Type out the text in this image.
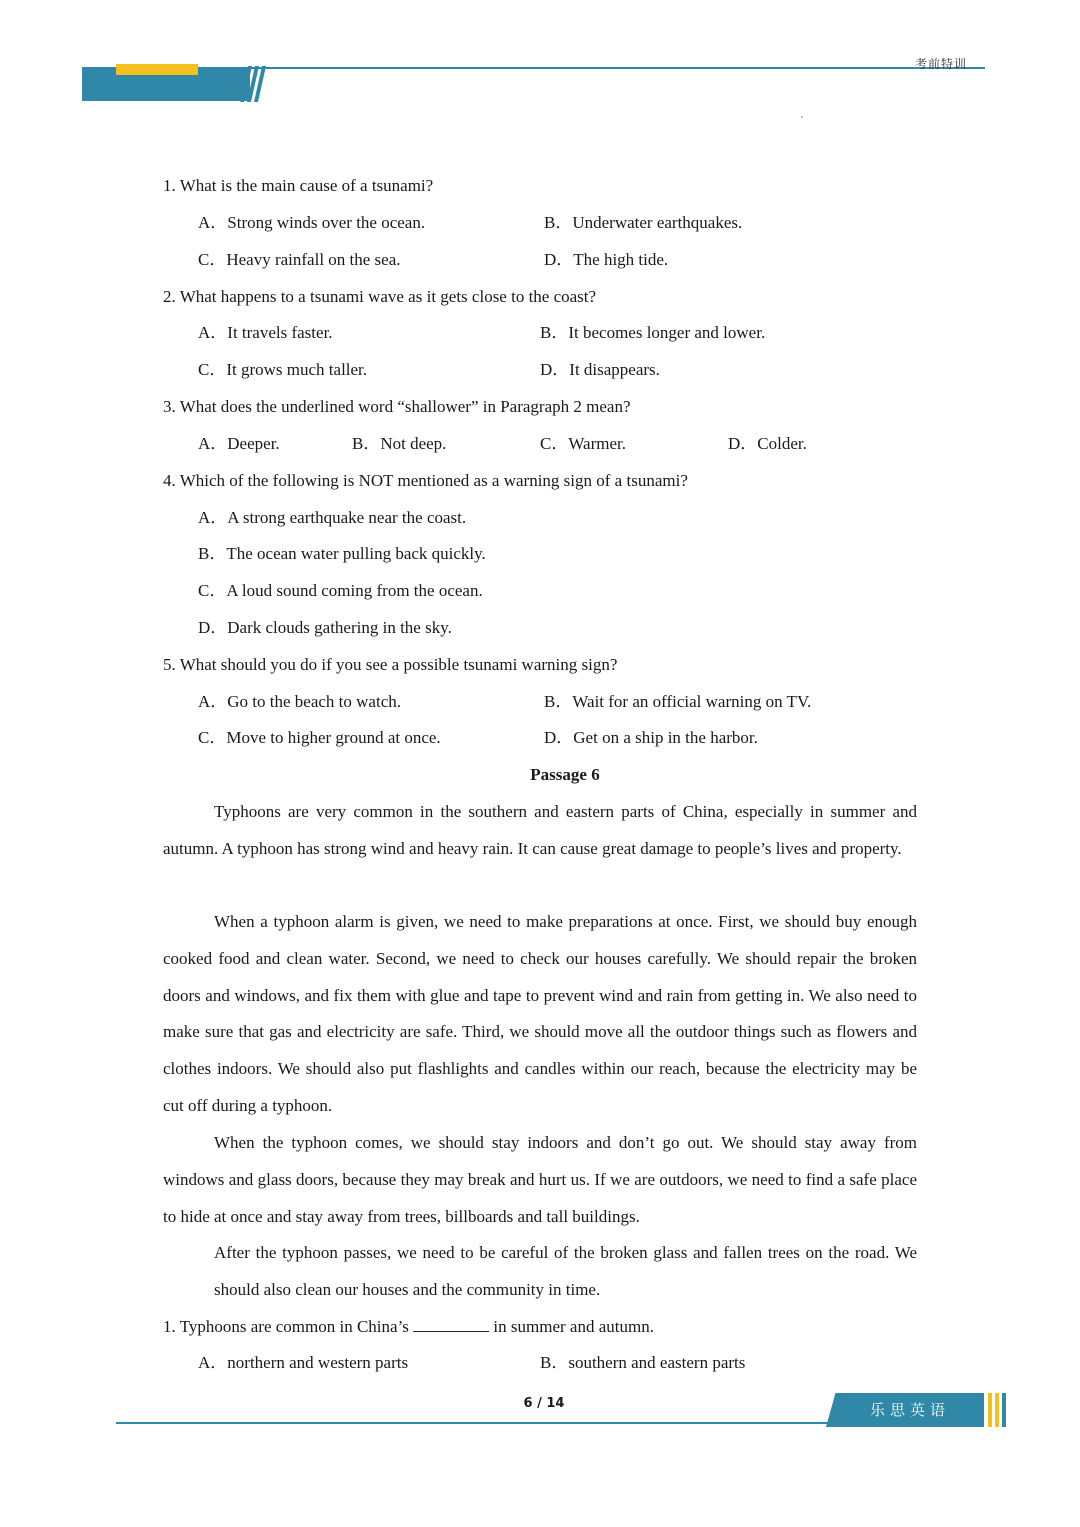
考前特训
1. What is the main cause of a tsunami?
A．Strong winds over the ocean.	B．Underwater earthquakes.
C．Heavy rainfall on the sea.	D．The high tide.
2. What happens to a tsunami wave as it gets close to the coast?
A．It travels faster.	B．It becomes longer and lower.
C．It grows much taller.	D．It disappears.
3. What does the underlined word “shallower” in Paragraph 2 mean?
A．Deeper.	B．Not deep.	C．Warmer.	D．Colder.
4. Which of the following is NOT mentioned as a warning sign of a tsunami?
A．A strong earthquake near the coast.
B．The ocean water pulling back quickly.
C．A loud sound coming from the ocean.
D．Dark clouds gathering in the sky.
5. What should you do if you see a possible tsunami warning sign?
A．Go to the beach to watch.	B．Wait for an official warning on TV.
C．Move to higher ground at once.	D．Get on a ship in the harbor.
Passage 6
Typhoons are very common in the southern and eastern parts of China, especially in summer and autumn. A typhoon has strong wind and heavy rain. It can cause great damage to people’s lives and property.
When a typhoon alarm is given, we need to make preparations at once. First, we should buy enough cooked food and clean water. Second, we need to check our houses carefully. We should repair the broken doors and windows, and fix them with glue and tape to prevent wind and rain from getting in. We also need to make sure that gas and electricity are safe. Third, we should move all the outdoor things such as flowers and clothes indoors. We should also put flashlights and candles within our reach, because the electricity may be cut off during a typhoon.
When the typhoon comes, we should stay indoors and don’t go out. We should stay away from windows and glass doors, because they may break and hurt us. If we are outdoors, we need to find a safe place to hide at once and stay away from trees, billboards and tall buildings.
After the typhoon passes, we need to be careful of the broken glass and fallen trees on the road. We should also clean our houses and the community in time.
1. Typhoons are common in China’s	in summer and autumn.
A．northern and western parts	B．southern and eastern parts
6 / 14	乐思英语
